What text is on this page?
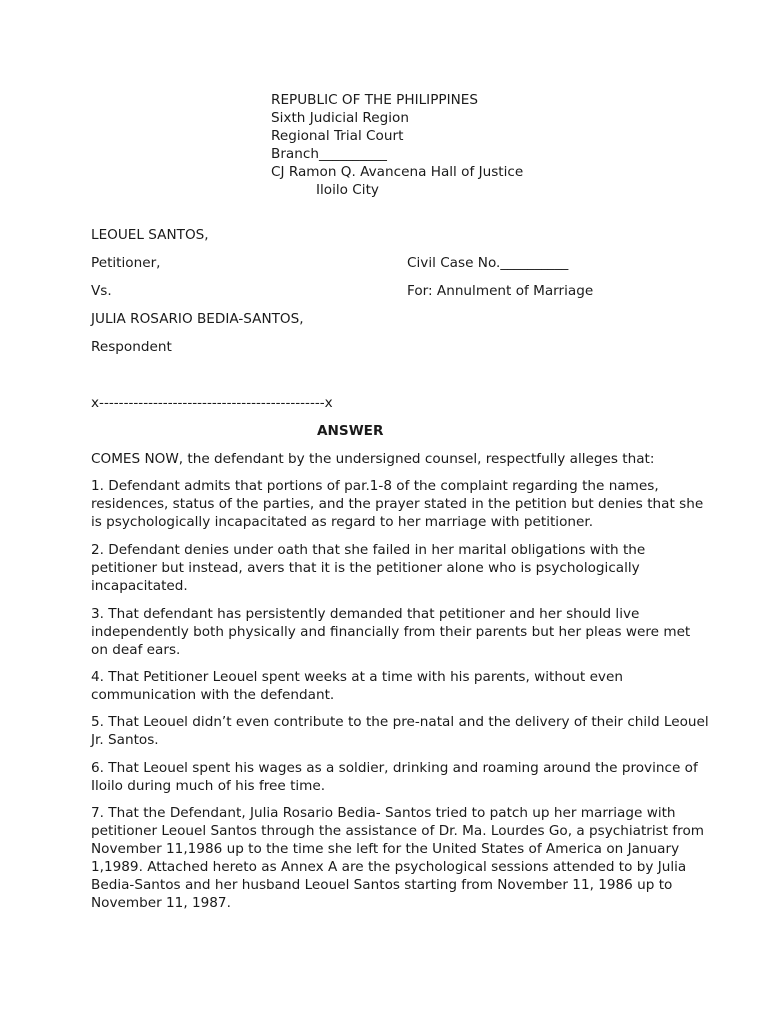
REPUBLIC OF THE PHILIPPINES
Sixth Judicial Region
Regional Trial Court
Branch__________
CJ Ramon Q. Avancena Hall of Justice
Iloilo City
LEOUEL SANTOS,
Petitioner,	Civil Case No.__________
Vs.	For: Annulment of Marriage
JULIA ROSARIO BEDIA-SANTOS,
Respondent
x----------------------------------------------x
ANSWER
COMES NOW, the defendant by the undersigned counsel, respectfully alleges that:
1. Defendant admits that portions of par.1-8 of the complaint regarding the names, residences, status of the parties, and the prayer stated in the petition but denies that she is psychologically incapacitated as regard to her marriage with petitioner.
2. Defendant denies under oath that she failed in her marital obligations with the petitioner but instead, avers that it is the petitioner alone who is psychologically incapacitated.
3. That defendant has persistently demanded that petitioner and her should live independently both physically and financially from their parents but her pleas were met on deaf ears.
4. That Petitioner Leouel spent weeks at a time with his parents, without even communication with the defendant.
5. That Leouel didn’t even contribute to the pre-natal and the delivery of their child Leouel Jr. Santos.
6. That Leouel spent his wages as a soldier, drinking and roaming around the province of Iloilo during much of his free time.
7. That the Defendant, Julia Rosario Bedia- Santos tried to patch up her marriage with petitioner Leouel Santos through the assistance of Dr. Ma. Lourdes Go, a psychiatrist from November 11,1986 up to the time she left for the United States of America on January 1,1989. Attached hereto as Annex A are the psychological sessions attended to by Julia Bedia-Santos and her husband Leouel Santos starting from November 11, 1986 up to November 11, 1987.
